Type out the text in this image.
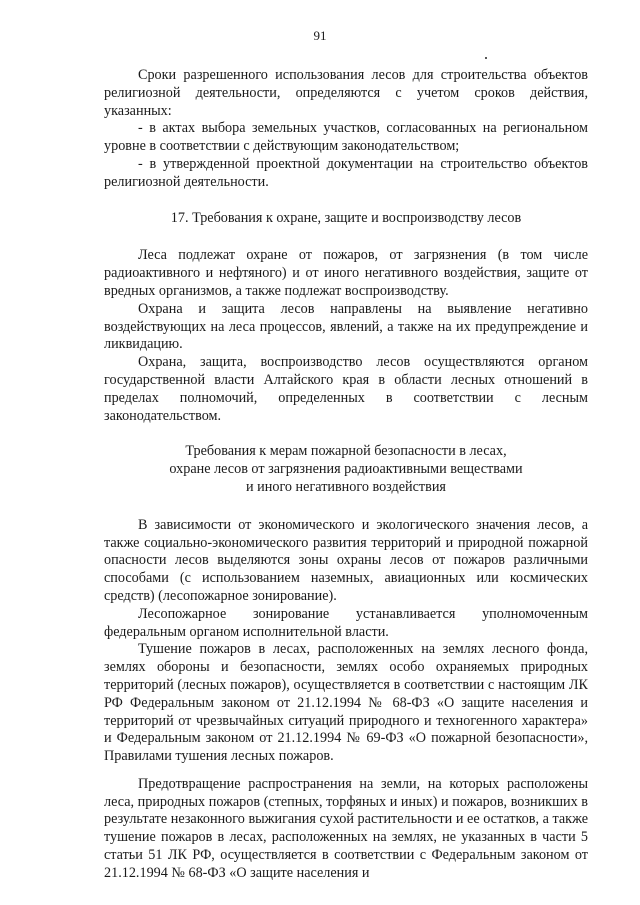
91

Сроки разрешенного использования лесов для строительства объектов религиозной деятельности, определяются с учетом сроков действия, указанных:

- в актах выбора земельных участков, согласованных на региональном уровне в соответствии с действующим законодательством;

- в утвержденной проектной документации на строительство объектов религиозной деятельности.

17. Требования к охране, защите и воспроизводству лесов

Леса подлежат охране от пожаров, от загрязнения (в том числе радиоактивного и нефтяного) и от иного негативного воздействия, защите от вредных организмов, а также подлежат воспроизводству.

Охрана и защита лесов направлены на выявление негативно воздействующих на леса процессов, явлений, а также на их предупреждение и ликвидацию.

Охрана, защита, воспроизводство лесов осуществляются органом государственной власти Алтайского края в области лесных отношений в пределах полномочий, определенных в соответствии с лесным законодательством.

Требования к мерам пожарной безопасности в лесах,

охране лесов от загрязнения радиоактивными веществами

и иного негативного воздействия

В зависимости от экономического и экологического значения лесов, а также социально-экономического развития территорий и природной пожарной опасности лесов выделяются зоны охраны лесов от пожаров различными способами (с использованием наземных, авиационных или космических средств) (лесопожарное зонирование).

Лесопожарное зонирование устанавливается уполномоченным федеральным органом исполнительной власти.

Тушение пожаров в лесах, расположенных на землях лесного фонда, землях обороны и безопасности, землях особо охраняемых природных территорий (лесных пожаров), осуществляется в соответствии с настоящим ЛК РФ Федеральным законом от 21.12.1994 № 68-ФЗ «О защите населения и территорий от чрезвычайных ситуаций природного и техногенного характера» и Федеральным законом от 21.12.1994 № 69-ФЗ «О пожарной безопасности», Правилами тушения лесных пожаров.

Предотвращение распространения на земли, на которых расположены леса, природных пожаров (степных, торфяных и иных) и пожаров, возникших в результате незаконного выжигания сухой растительности и ее остатков, а также тушение пожаров в лесах, расположенных на землях, не указанных в части 5 статьи 51 ЛК РФ, осуществляется в соответствии с Федеральным законом от 21.12.1994 № 68-ФЗ «О защите населения и
